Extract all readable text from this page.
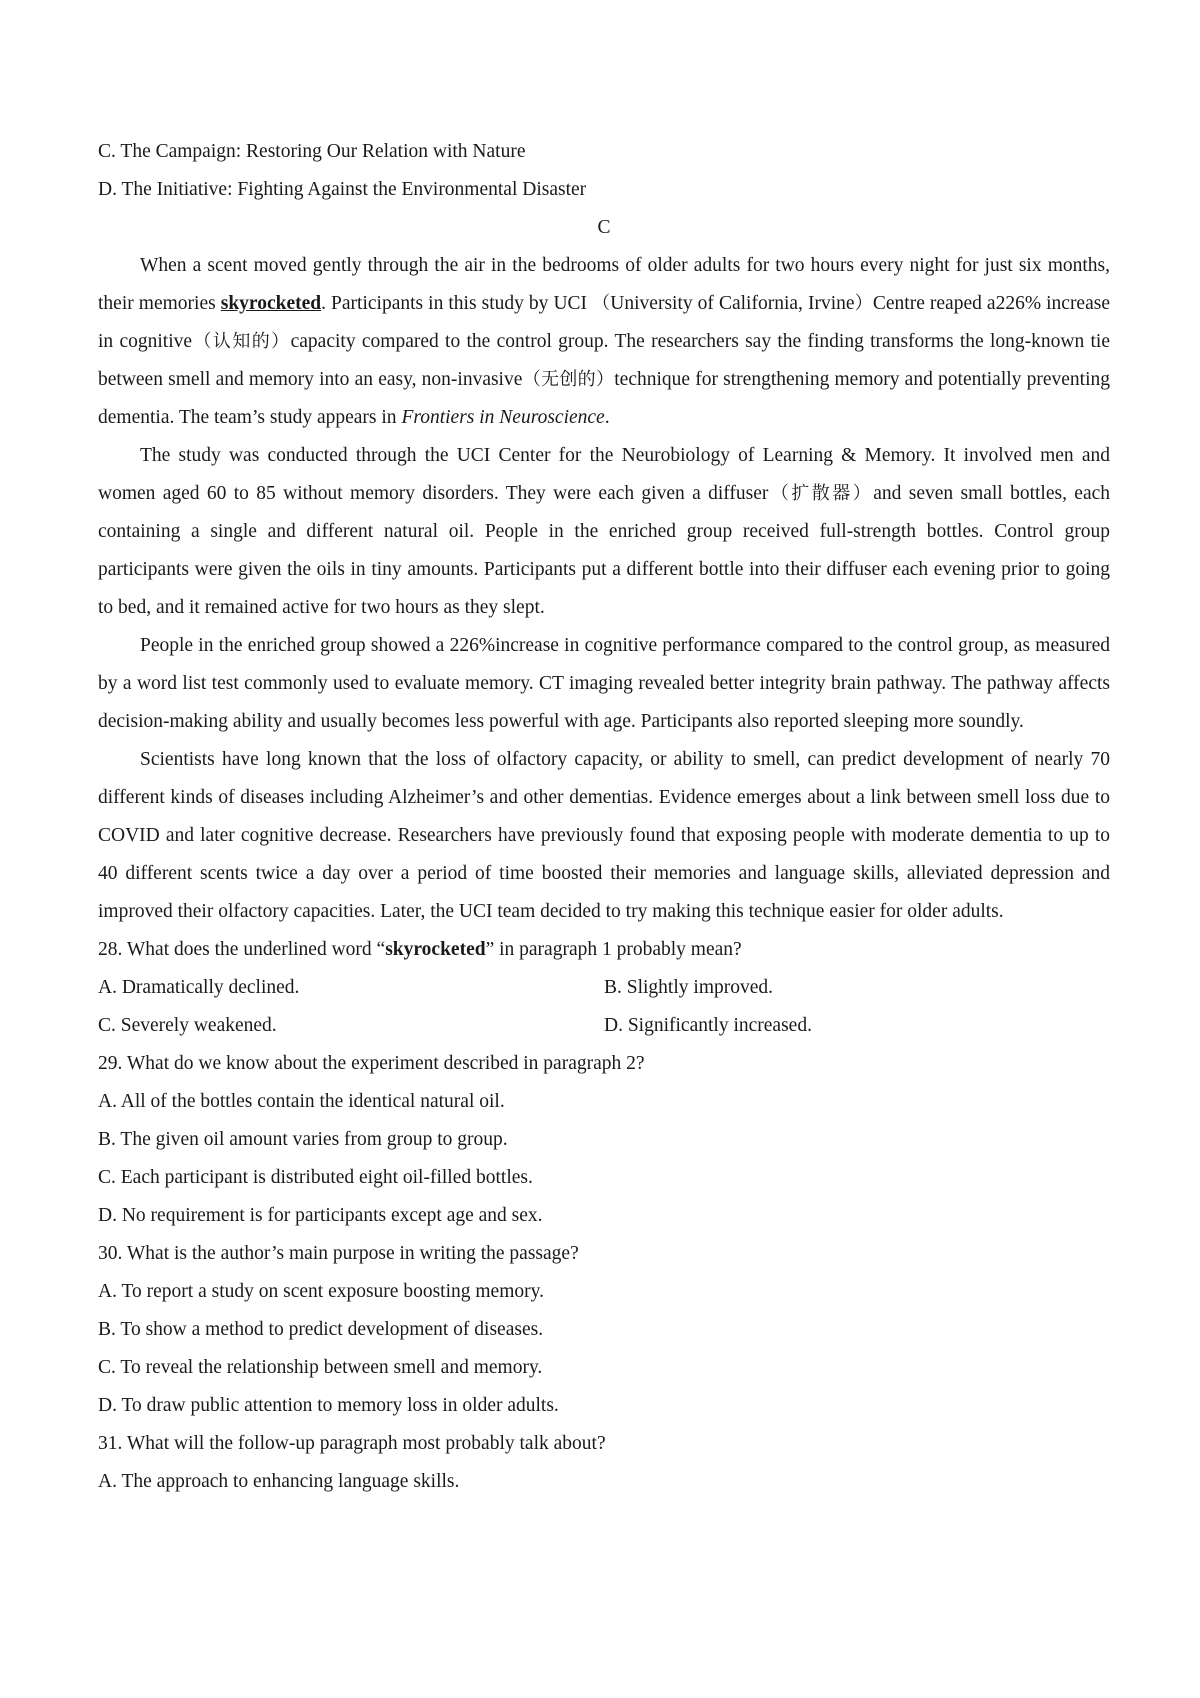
C. The Campaign: Restoring Our Relation with Nature
D. The Initiative: Fighting Against the Environmental Disaster
C
When a scent moved gently through the air in the bedrooms of older adults for two hours every night for just six months, their memories skyrocketed. Participants in this study by UCI （University of California, Irvine）Centre reaped a226% increase in cognitive（认知的）capacity compared to the control group. The researchers say the finding transforms the long-known tie between smell and memory into an easy, non-invasive（无创的）technique for strengthening memory and potentially preventing dementia. The team’s study appears in Frontiers in Neuroscience.
The study was conducted through the UCI Center for the Neurobiology of Learning & Memory. It involved men and women aged 60 to 85 without memory disorders. They were each given a diffuser（扩散器）and seven small bottles, each containing a single and different natural oil. People in the enriched group received full-strength bottles. Control group participants were given the oils in tiny amounts. Participants put a different bottle into their diffuser each evening prior to going to bed, and it remained active for two hours as they slept.
People in the enriched group showed a 226%increase in cognitive performance compared to the control group, as measured by a word list test commonly used to evaluate memory. CT imaging revealed better integrity brain pathway. The pathway affects decision-making ability and usually becomes less powerful with age. Participants also reported sleeping more soundly.
Scientists have long known that the loss of olfactory capacity, or ability to smell, can predict development of nearly 70 different kinds of diseases including Alzheimer’s and other dementias. Evidence emerges about a link between smell loss due to COVID and later cognitive decrease. Researchers have previously found that exposing people with moderate dementia to up to 40 different scents twice a day over a period of time boosted their memories and language skills, alleviated depression and improved their olfactory capacities. Later, the UCI team decided to try making this technique easier for older adults.
28. What does the underlined word “skyrocketed” in paragraph 1 probably mean?
A. Dramatically declined.	B. Slightly improved.
C. Severely weakened.	D. Significantly increased.
29. What do we know about the experiment described in paragraph 2?
A. All of the bottles contain the identical natural oil.
B. The given oil amount varies from group to group.
C. Each participant is distributed eight oil-filled bottles.
D. No requirement is for participants except age and sex.
30. What is the author’s main purpose in writing the passage?
A. To report a study on scent exposure boosting memory.
B. To show a method to predict development of diseases.
C. To reveal the relationship between smell and memory.
D. To draw public attention to memory loss in older adults.
31. What will the follow-up paragraph most probably talk about?
A. The approach to enhancing language skills.
